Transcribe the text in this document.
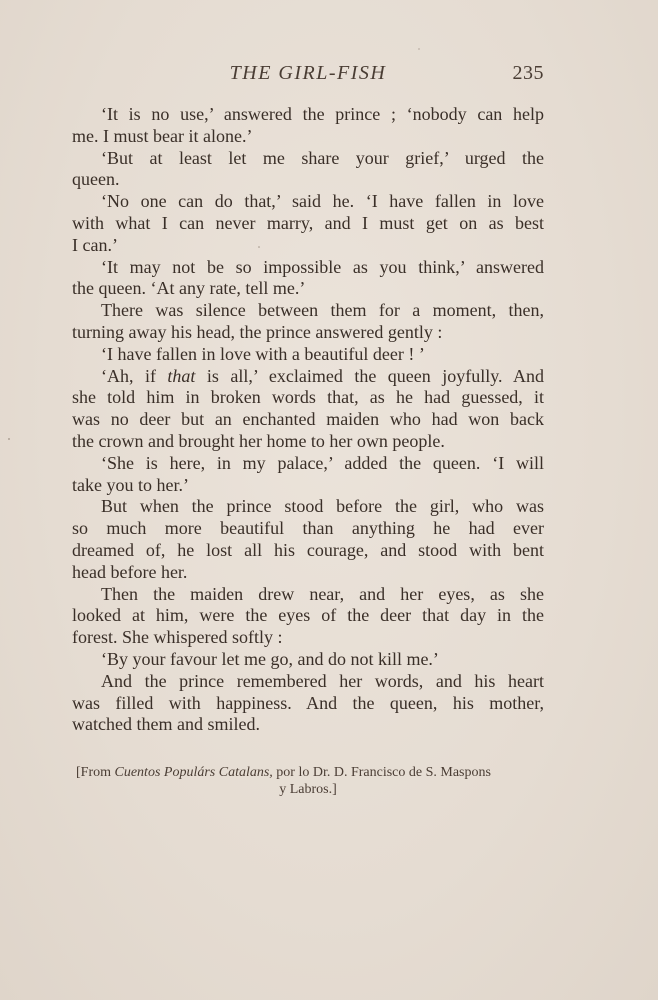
THE GIRL-FISH	235
‘It is no use,’ answered the prince ; ‘nobody can help
me. I must bear it alone.’
‘But at least let me share your grief,’ urged the
queen.
‘No one can do that,’ said he. ‘I have fallen in love
with what I can never marry, and I must get on as best
I can.’
‘It may not be so impossible as you think,’ answered
the queen. ‘At any rate, tell me.’
There was silence between them for a moment, then,
turning away his head, the prince answered gently :
‘I have fallen in love with a beautiful deer ! ’
‘Ah, if that is all,’ exclaimed the queen joyfully. And
she told him in broken words that, as he had guessed, it
was no deer but an enchanted maiden who had won back
the crown and brought her home to her own people.
‘She is here, in my palace,’ added the queen. ‘I will
take you to her.’
But when the prince stood before the girl, who was
so much more beautiful than anything he had ever
dreamed of, he lost all his courage, and stood with bent
head before her.
Then the maiden drew near, and her eyes, as she
looked at him, were the eyes of the deer that day in the
forest. She whispered softly :
‘By your favour let me go, and do not kill me.’
And the prince remembered her words, and his heart
was filled with happiness. And the queen, his mother,
watched them and smiled.
[From Cuentos Populárs Catalans, por lo Dr. D. Francisco de S. Maspons
y Labros.]
